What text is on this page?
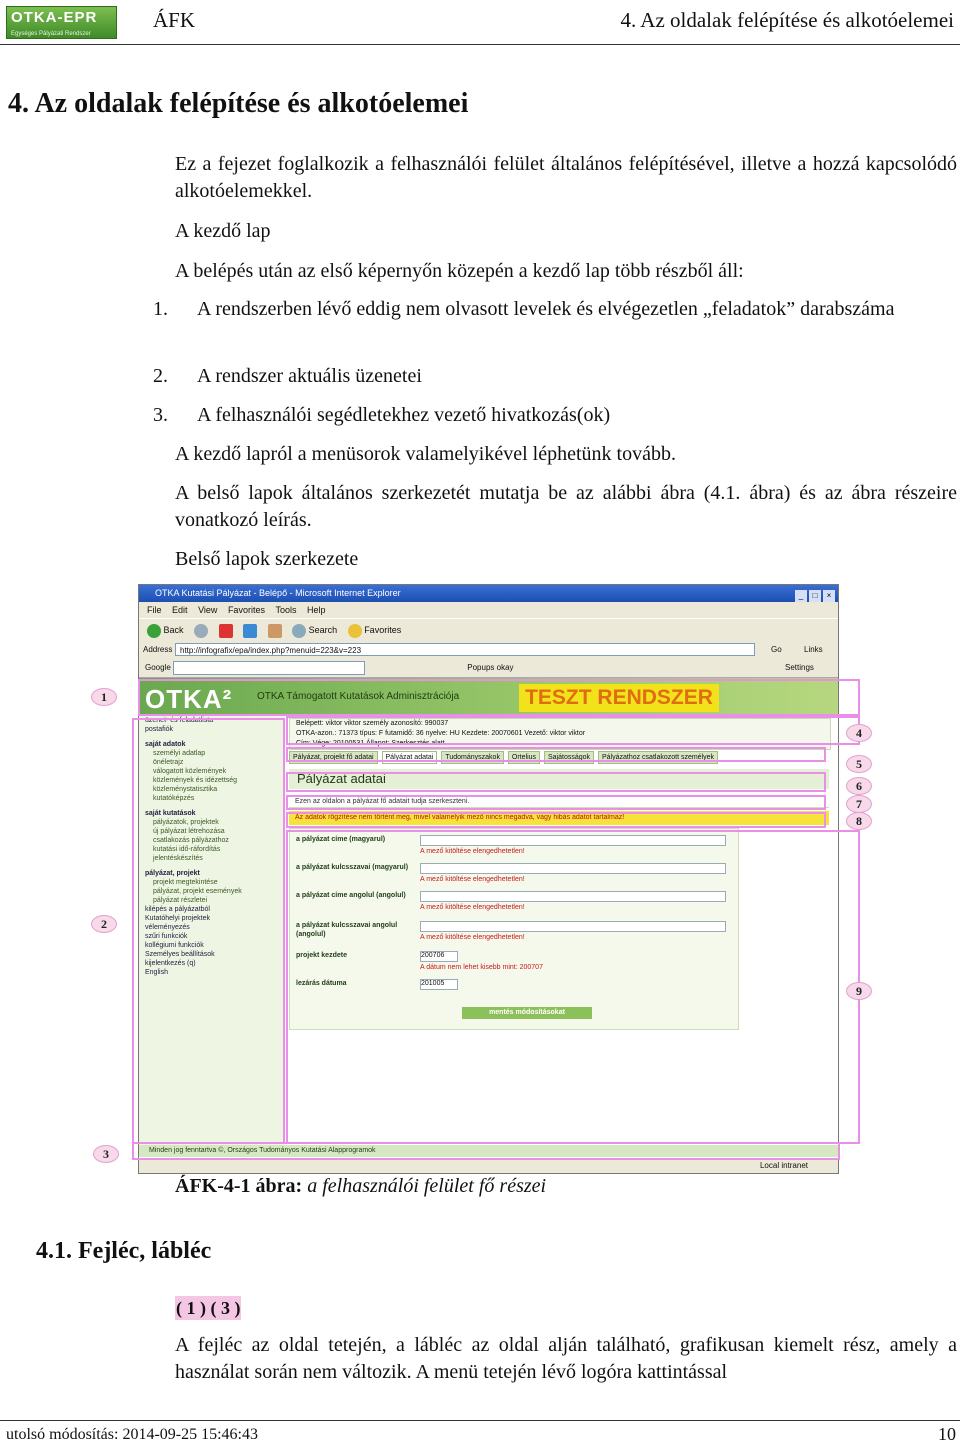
OTKA-EPR
Egységes Pályázati Rendszer
ÁFK	4. Az oldalak felépítése és alkotóelemei
4. Az oldalak felépítése és alkotóelemei

Ez a fejezet foglalkozik a felhasználói felület általános felépítésével, illetve a hozzá kapcsolódó alkotóelemekkel.

A kezdő lap

A belépés után az első képernyőn közepén a kezdő lap több részből áll:

1. A rendszerben lévő eddig nem olvasott levelek és elvégezetlen „feladatok” darabszáma

2. A rendszer aktuális üzenetei

3. A felhasználói segédletekhez vezető hivatkozás(ok)

A kezdő lapról a menüsorok valamelyikével léphetünk tovább.

A belső lapok általános szerkezetét mutatja be az alábbi ábra (4.1. ábra) és az ábra részeire vonatkozó leírás.

Belső lapok szerkezete

OTKA Kutatási Pályázat - Belépő - Microsoft Internet Explorer	_ □ ×
File Edit View Favorites Tools Help
Back	Search	Favorites
Address http://infografix/epa/index.php?menuid=223&v=223	Go	Links
Google	Popups okay	Settings
OTKA² OTKA Támogatott Kutatások Adminisztrációja	TESZT RENDSZER
üzenet- és feladatlista
postafiók
saját adatok
személyi adatlap
önéletrajz
válogatott közlemények
közlemények és idézettség
közleménystatisztika
kutatóképzés
saját kutatások
pályázatok, projektek
új pályázat létrehozása
csatlakozás pályázathoz
kutatási idő-ráfordítás
jelentéskészítés
pályázat, projekt
projekt megtekintése
pályázat, projekt események
pályázat részletei
kilépés a pályázatból
Kutatóhelyi projektek
véleményezés
szűri funkciók
kollégiumi funkciók
Személyes beállítások
kijelentkezés (q)
English
Belépett: viktor viktor személy azonosító: 990037
OTKA-azon.: 71373 típus: F futamidő: 36 nyelve: HU Kezdete: 20070601 Vezető: viktor viktor
Cím: Vége: 20100531 Állapot: Szerkesztés alatt
Pályázat, projekt fő adatai Pályázat adatai Tudományszakok Ortelius Sajátosságok Pályázathoz csatlakozott személyek
Pályázat adatai
Ezen az oldalon a pályázat fő adatait tudja szerkeszteni.
Az adatok rögzítése nem történt meg, mivel valamelyik mező nincs megadva, vagy hibás adatot tartalmaz!
a pályázat címe (magyarul)
A mező kitöltése elengedhetetlen!
a pályázat kulcsszavai (magyarul)
A mező kitöltése elengedhetetlen!
a pályázat címe angolul (angolul)
A mező kitöltése elengedhetetlen!
a pályázat kulcsszavai angolul (angolul)	A mező kitöltése elengedhetetlen!
projekt kezdete	200706
A dátum nem lehet kisebb mint: 200707
lezárás dátuma	201005
mentés módosításokat
Minden jog fenntartva ©, Országos Tudományos Kutatási Alapprogramok
Local intranet
1
2
3
4
5
6
7
8
9
ÁFK-4-1 ábra: a felhasználói felület fő részei
4.1. Fejléc, lábléc
( 1 ) ( 3 )

A fejléc az oldal tetején, a lábléc az oldal alján található, grafikusan kiemelt rész, amely a használat során nem változik. A menü tetején lévő logóra kattintással

utolsó módosítás: 2014-09-25 15:46:43	10
